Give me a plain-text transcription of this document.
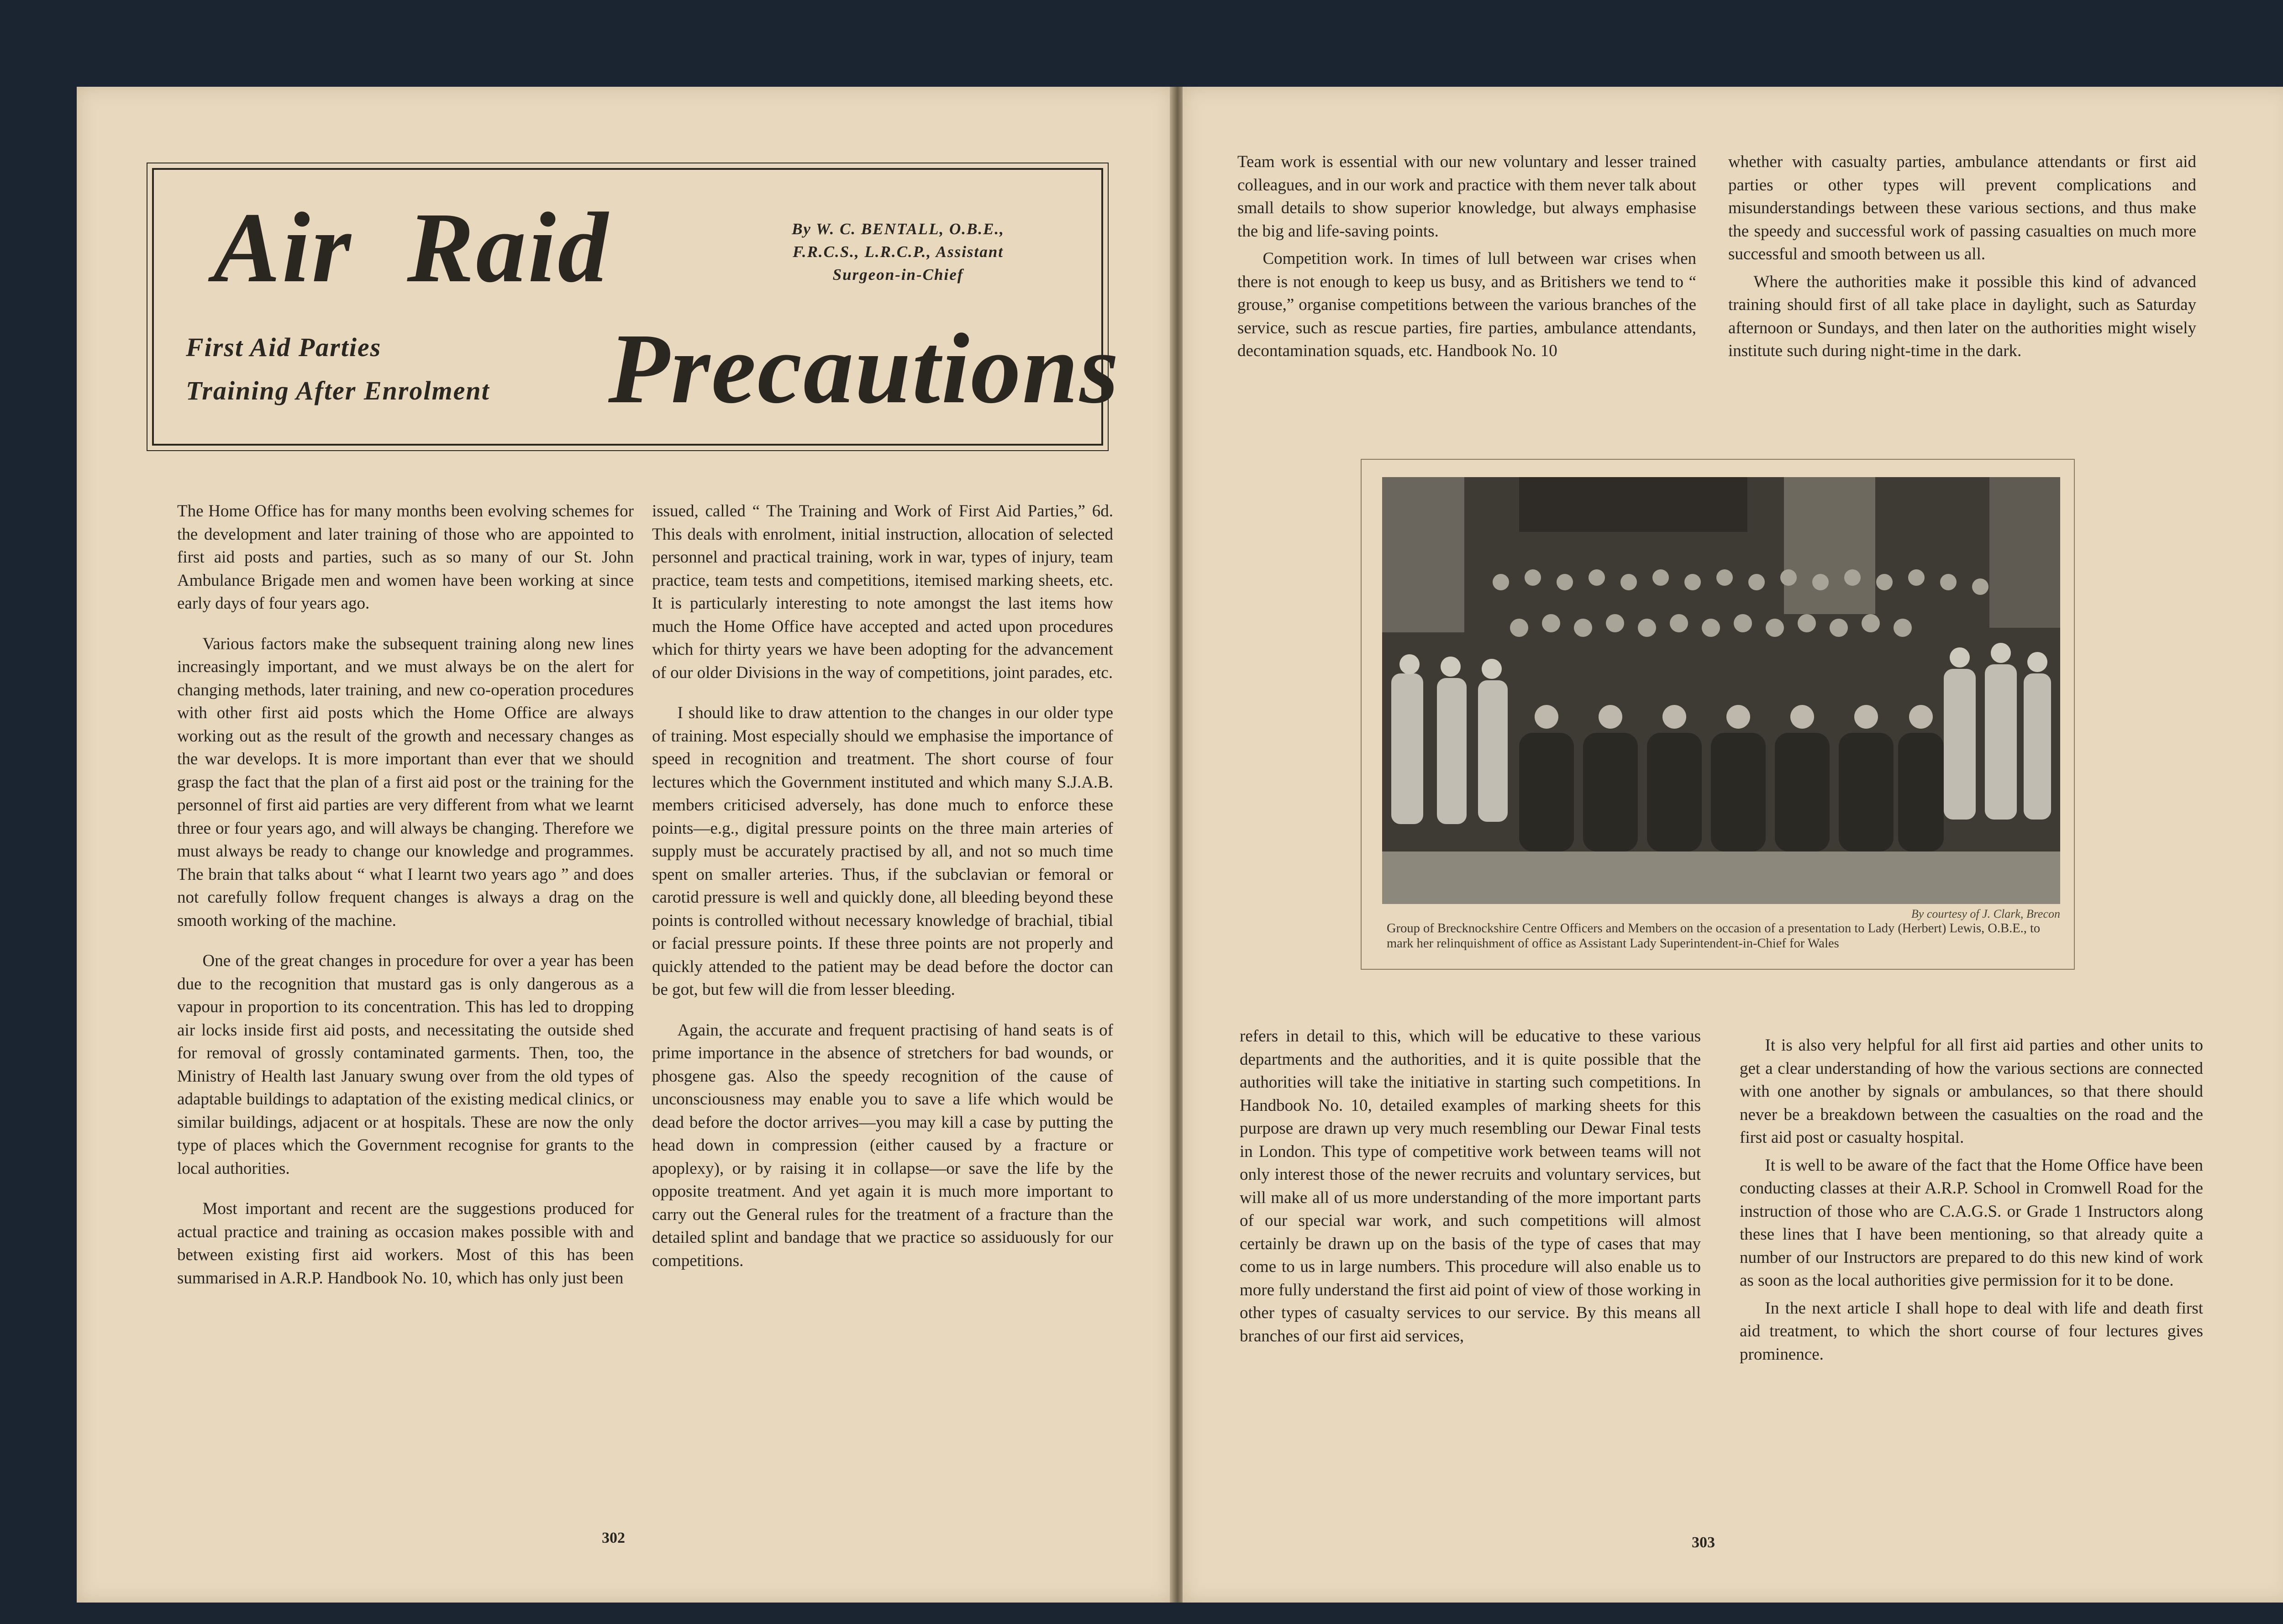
Air Raid
First Aid Parties
Training After Enrolment
By W. C. BENTALL, O.B.E.,
F.R.C.S., L.R.C.P., Assistant
Surgeon-in-Chief
Precautions

The Home Office has for many months been evolving schemes for the development and later training of those who are appointed to first aid posts and parties, such as so many of our St. John Ambulance Brigade men and women have been working at since early days of four years ago.

Various factors make the subsequent training along new lines increasingly important, and we must always be on the alert for changing methods, later training, and new co-operation procedures with other first aid posts which the Home Office are always working out as the result of the growth and necessary changes as the war develops. It is more important than ever that we should grasp the fact that the plan of a first aid post or the training for the personnel of first aid parties are very different from what we learnt three or four years ago, and will always be changing. Therefore we must always be ready to change our knowledge and programmes. The brain that talks about “ what I learnt two years ago ” and does not carefully follow frequent changes is always a drag on the smooth working of the machine.

One of the great changes in procedure for over a year has been due to the recognition that mustard gas is only dangerous as a vapour in proportion to its concentration. This has led to dropping air locks inside first aid posts, and necessitating the outside shed for removal of grossly contaminated garments. Then, too, the Ministry of Health last January swung over from the old types of adaptable buildings to adaptation of the existing medical clinics, or similar buildings, adjacent or at hospitals. These are now the only type of places which the Government recognise for grants to the local authorities.

Most important and recent are the suggestions produced for actual practice and training as occasion makes possible with and between existing first aid workers. Most of this has been summarised in A.R.P. Handbook No. 10, which has only just been

issued, called “ The Training and Work of First Aid Parties,” 6d. This deals with enrolment, initial instruction, allocation of selected personnel and practical training, work in war, types of injury, team practice, team tests and competitions, itemised marking sheets, etc. It is particularly interesting to note amongst the last items how much the Home Office have accepted and acted upon procedures which for thirty years we have been adopting for the advancement of our older Divisions in the way of competitions, joint parades, etc.

I should like to draw attention to the changes in our older type of training. Most especially should we emphasise the importance of speed in recognition and treatment. The short course of four lectures which the Government instituted and which many S.J.A.B. members criticised adversely, has done much to enforce these points—e.g., digital pressure points on the three main arteries of supply must be accurately practised by all, and not so much time spent on smaller arteries. Thus, if the subclavian or femoral or carotid pressure is well and quickly done, all bleeding beyond these points is controlled without necessary knowledge of brachial, tibial or facial pressure points. If these three points are not properly and quickly attended to the patient may be dead before the doctor can be got, but few will die from lesser bleeding.

Again, the accurate and frequent practising of hand seats is of prime importance in the absence of stretchers for bad wounds, or phosgene gas. Also the speedy recognition of the cause of unconsciousness may enable you to save a life which would be dead before the doctor arrives—you may kill a case by putting the head down in compression (either caused by a fracture or apoplexy), or by raising it in collapse—or save the life by the opposite treatment. And yet again it is much more important to carry out the General rules for the treatment of a fracture than the detailed splint and bandage that we practice so assiduously for our competitions.

302

Team work is essential with our new voluntary and lesser trained colleagues, and in our work and practice with them never talk about small details to show superior knowledge, but always emphasise the big and life-saving points.

Competition work. In times of lull between war crises when there is not enough to keep us busy, and as Britishers we tend to “ grouse,” organise competitions between the various branches of the service, such as rescue parties, fire parties, ambulance attendants, decontamination squads, etc. Handbook No. 10

whether with casualty parties, ambulance attendants or first aid parties or other types will prevent complications and misunderstandings between these various sections, and thus make the speedy and successful work of passing casualties on much more successful and smooth between us all.

Where the authorities make it possible this kind of advanced training should first of all take place in daylight, such as Saturday afternoon or Sundays, and then later on the authorities might wisely institute such during night-time in the dark.

By courtesy of J. Clark, Brecon
Group of Brecknockshire Centre Officers and Members on the occasion of a presentation to Lady (Herbert) Lewis, O.B.E., to mark her relinquishment of office as Assistant Lady Superintendent-in-Chief for Wales

refers in detail to this, which will be educative to these various departments and the authorities, and it is quite possible that the authorities will take the initiative in starting such competitions. In Handbook No. 10, detailed examples of marking sheets for this purpose are drawn up very much resembling our Dewar Final tests in London. This type of competitive work between teams will not only interest those of the newer recruits and voluntary services, but will make all of us more understanding of the more important parts of our special war work, and such competitions will almost certainly be drawn up on the basis of the type of cases that may come to us in large numbers. This procedure will also enable us to more fully understand the first aid point of view of those working in other types of casualty services to our service. By this means all branches of our first aid services,

It is also very helpful for all first aid parties and other units to get a clear understanding of how the various sections are connected with one another by signals or ambulances, so that there should never be a breakdown between the casualties on the road and the first aid post or casualty hospital.

It is well to be aware of the fact that the Home Office have been conducting classes at their A.R.P. School in Cromwell Road for the instruction of those who are C.A.G.S. or Grade 1 Instructors along these lines that I have been mentioning, so that already quite a number of our Instructors are prepared to do this new kind of work as soon as the local authorities give permission for it to be done.

In the next article I shall hope to deal with life and death first aid treatment, to which the short course of four lectures gives prominence.

303
